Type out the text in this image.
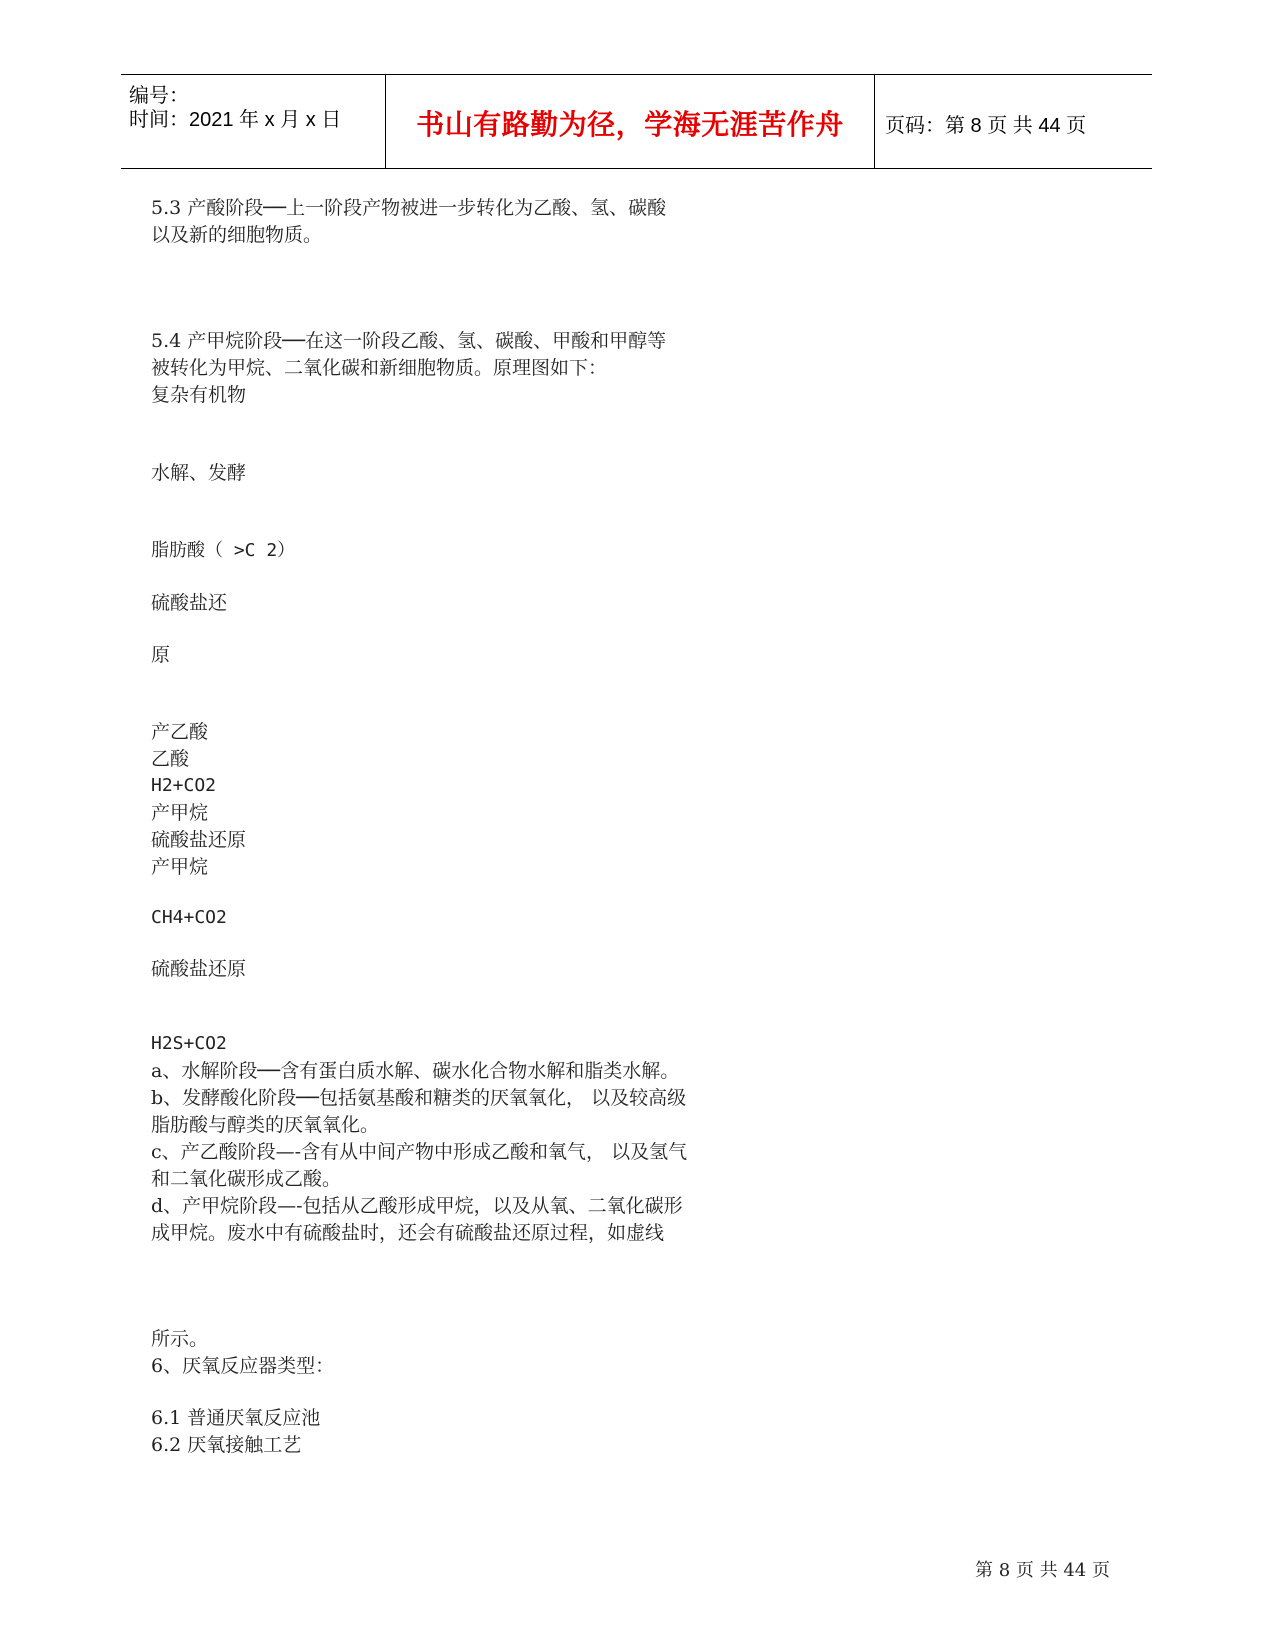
编号：
时间：2021 年 x 月 x 日	书山有路勤为径，学海无涯苦作舟	页码：第 8 页 共 44 页
5.3 产酸阶段──上一阶段产物被进一步转化为乙酸、氢、碳酸
以及新的细胞物质。
5.4 产甲烷阶段──在这一阶段乙酸、氢、碳酸、甲酸和甲醇等
被转化为甲烷、二氧化碳和新细胞物质。原理图如下：
复杂有机物
水解、发酵
脂肪酸（ >C 2）
硫酸盐还
原
产乙酸
乙酸
H2+CO2
产甲烷
硫酸盐还原
产甲烷
CH4+CO2
硫酸盐还原
H2S+CO2
a、水解阶段──含有蛋白质水解、碳水化合物水解和脂类水解。
b、发酵酸化阶段──包括氨基酸和糖类的厌氧氧化， 以及较高级
脂肪酸与醇类的厌氧氧化。
c、产乙酸阶段—-含有从中间产物中形成乙酸和氧气， 以及氢气
和二氧化碳形成乙酸。
d、产甲烷阶段—-包括从乙酸形成甲烷，以及从氧、二氧化碳形
成甲烷。废水中有硫酸盐时，还会有硫酸盐还原过程，如虚线
所示。
6、厌氧反应器类型：
6.1 普通厌氧反应池
6.2 厌氧接触工艺
第 8 页 共 44 页
